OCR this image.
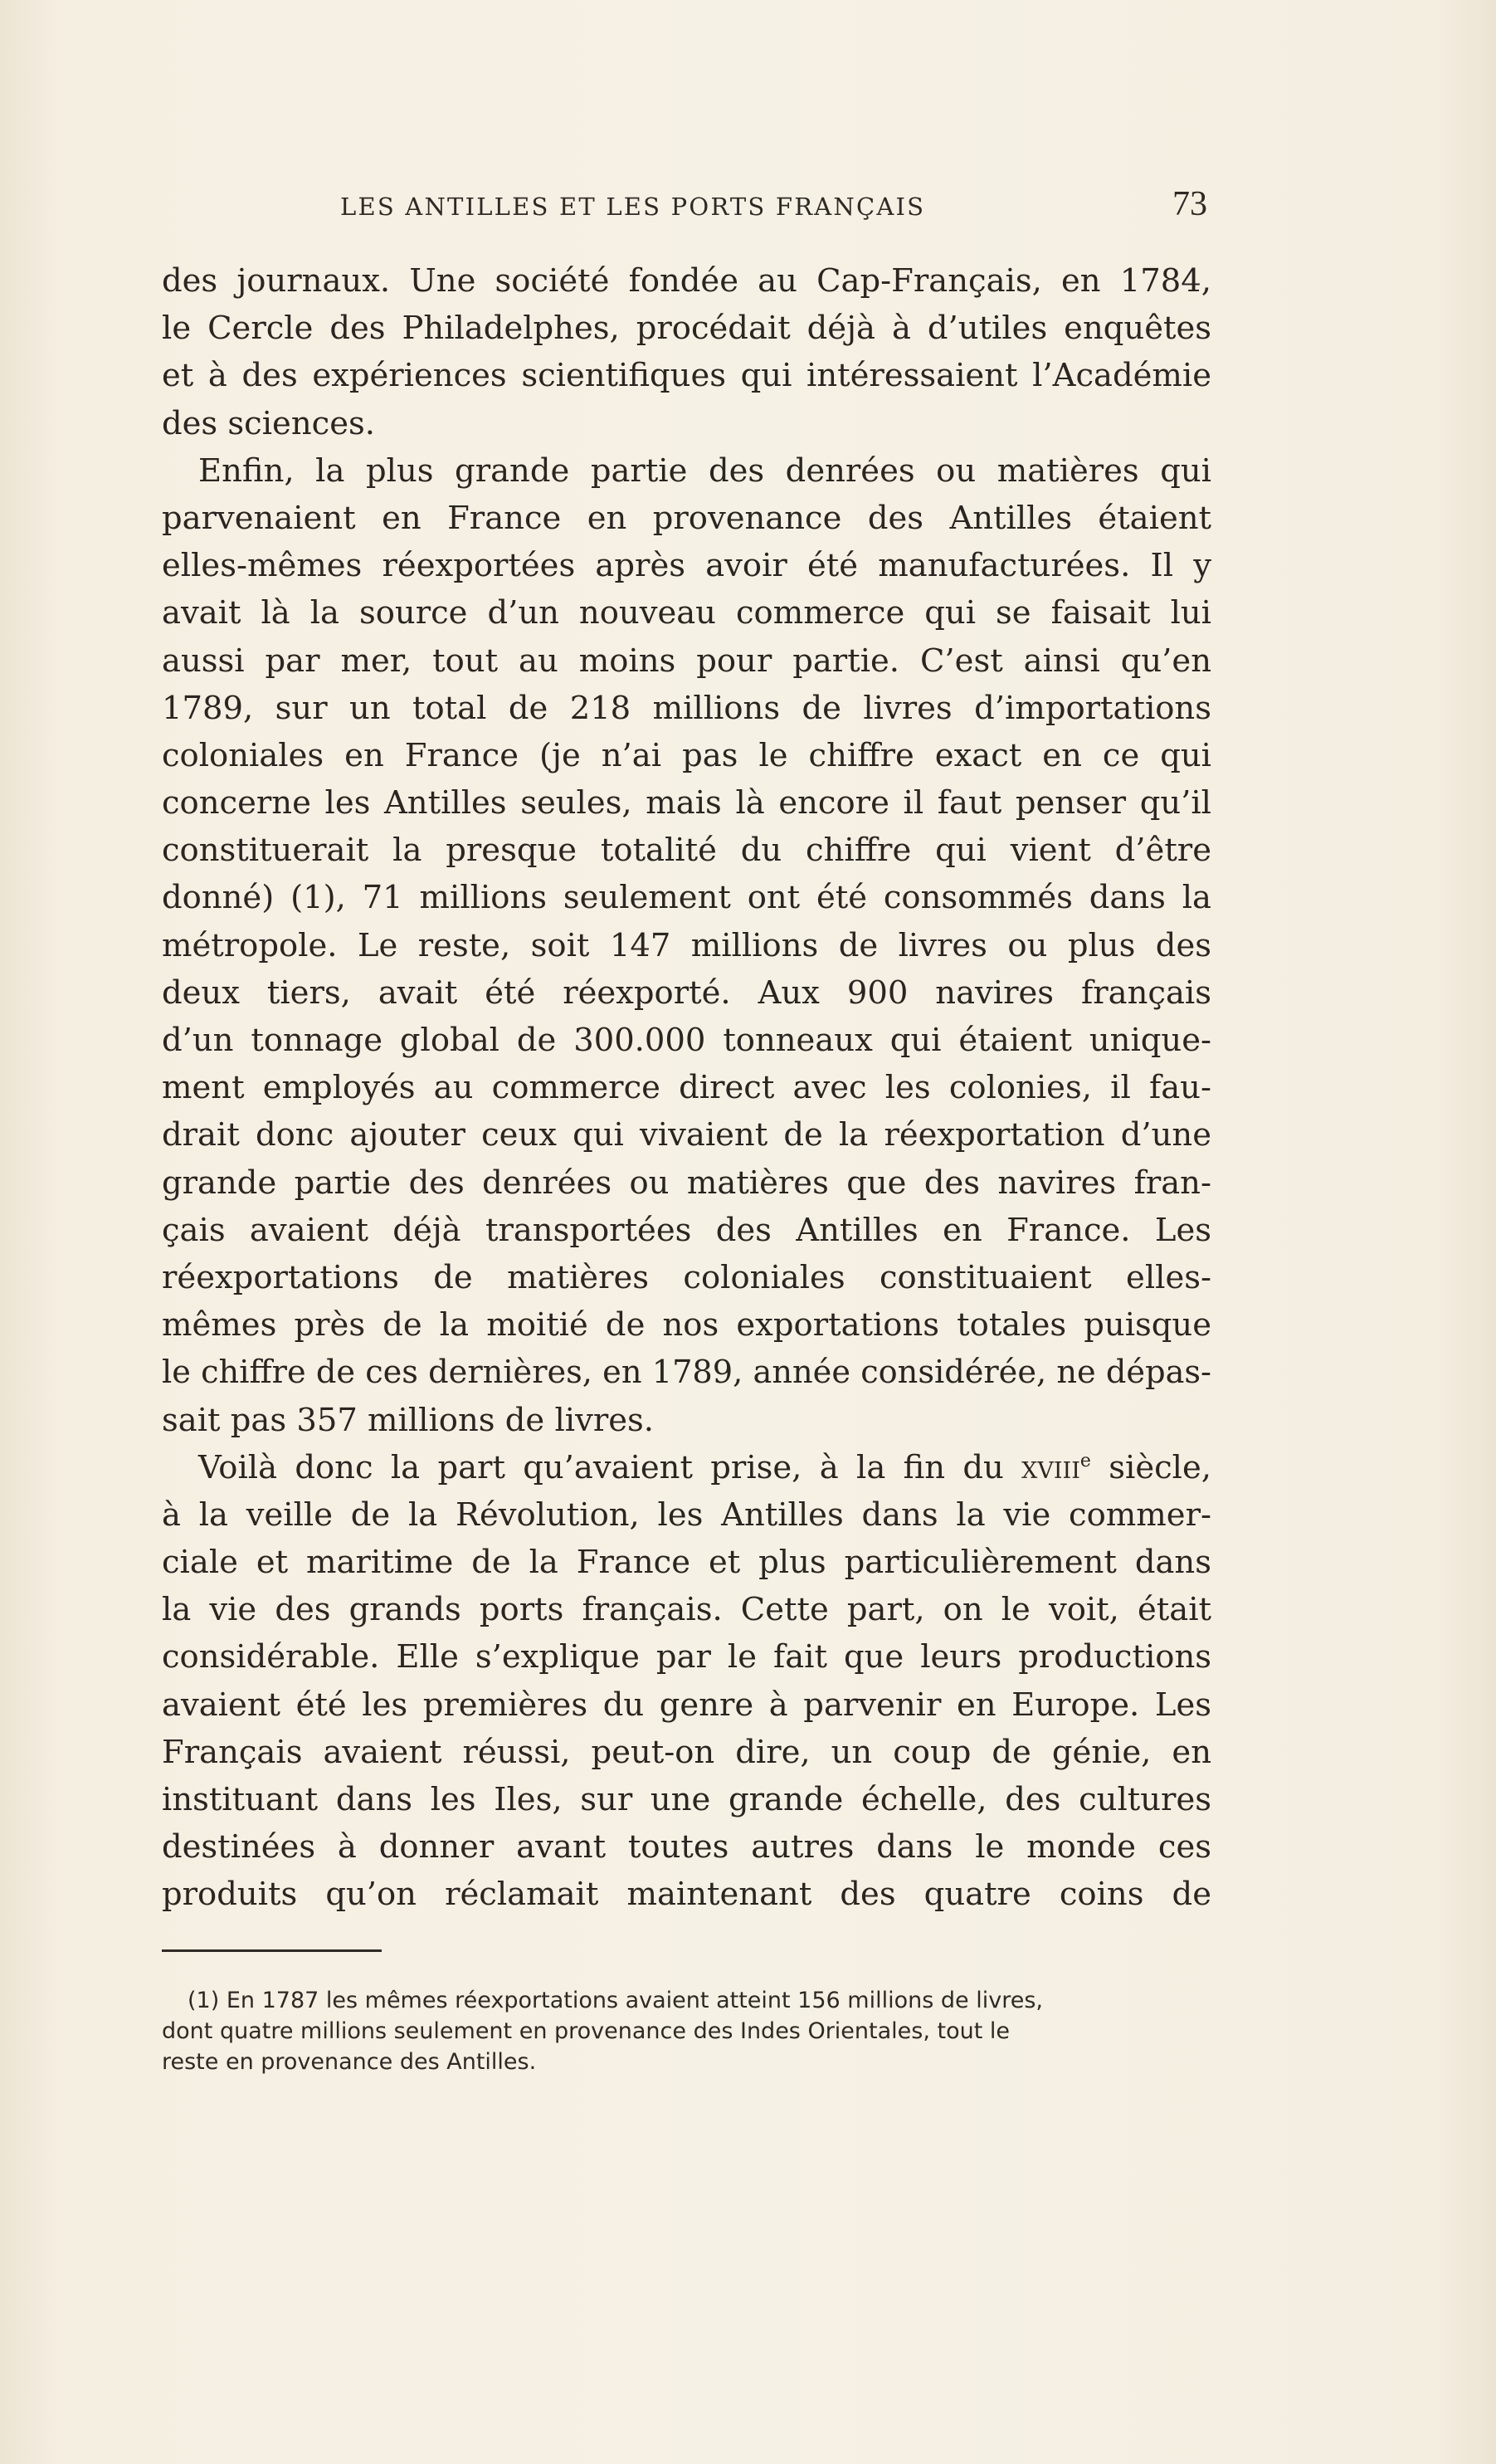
LES ANTILLES ET LES PORTS FRANÇAIS	73
des journaux. Une société fondée au Cap-Français, en 1784,
le Cercle des Philadelphes, procédait déjà à d’utiles enquêtes
et à des expériences scientifiques qui intéressaient l’Académie
des sciences.
Enfin, la plus grande partie des denrées ou matières qui
parvenaient en France en provenance des Antilles étaient
elles-mêmes réexportées après avoir été manufacturées. Il y
avait là la source d’un nouveau commerce qui se faisait lui
aussi par mer, tout au moins pour partie. C’est ainsi qu’en
1789, sur un total de 218 millions de livres d’importations
coloniales en France (je n’ai pas le chiffre exact en ce qui
concerne les Antilles seules, mais là encore il faut penser qu’il
constituerait la presque totalité du chiffre qui vient d’être
donné) (1), 71 millions seulement ont été consommés dans la
métropole. Le reste, soit 147 millions de livres ou plus des
deux tiers, avait été réexporté. Aux 900 navires français
d’un tonnage global de 300.000 tonneaux qui étaient unique-
ment employés au commerce direct avec les colonies, il fau-
drait donc ajouter ceux qui vivaient de la réexportation d’une
grande partie des denrées ou matières que des navires fran-
çais avaient déjà transportées des Antilles en France. Les
réexportations de matières coloniales constituaient elles-
mêmes près de la moitié de nos exportations totales puisque
le chiffre de ces dernières, en 1789, année considérée, ne dépas-
sait pas 357 millions de livres.
Voilà donc la part qu’avaient prise, à la fin du xviii$^e$ siècle,
à la veille de la Révolution, les Antilles dans la vie commer-
ciale et maritime de la France et plus particulièrement dans
la vie des grands ports français. Cette part, on le voit, était
considérable. Elle s’explique par le fait que leurs productions
avaient été les premières du genre à parvenir en Europe. Les
Français avaient réussi, peut-on dire, un coup de génie, en
instituant dans les Iles, sur une grande échelle, des cultures
destinées à donner avant toutes autres dans le monde ces
produits qu’on réclamait maintenant des quatre coins de
(1) En 1787 les mêmes réexportations avaient atteint 156 millions de livres,
dont quatre millions seulement en provenance des Indes Orientales, tout le
reste en provenance des Antilles.
